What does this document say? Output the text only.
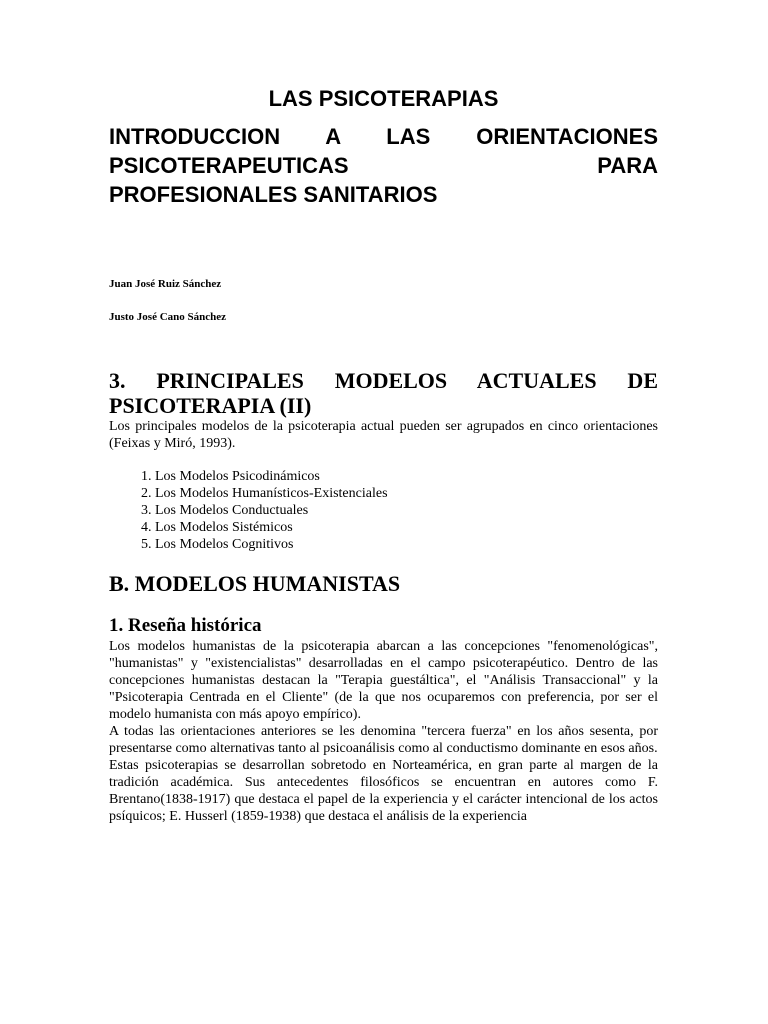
LAS PSICOTERAPIAS
INTRODUCCION A LAS ORIENTACIONES
PSICOTERAPEUTICAS PARA
PROFESIONALES SANITARIOS

Juan José Ruiz Sánchez

Justo José Cano Sánchez

3. PRINCIPALES MODELOS ACTUALES DE
PSICOTERAPIA (II)

Los principales modelos de la psicoterapia actual pueden ser agrupados en cinco orientaciones (Feixas y Miró, 1993).

1. Los Modelos Psicodinámicos
2. Los Modelos Humanísticos-Existenciales
3. Los Modelos Conductuales
4. Los Modelos Sistémicos
5. Los Modelos Cognitivos
B. MODELOS HUMANISTAS
1. Reseña histórica

Los modelos humanistas de la psicoterapia abarcan a las concepciones "fenomenológicas", "humanistas" y "existencialistas" desarrolladas en el campo psicoterapéutico. Dentro de las concepciones humanistas destacan la "Terapia guestáltica", el "Análisis Transaccional" y la "Psicoterapia Centrada en el Cliente" (de la que nos ocuparemos con preferencia, por ser el modelo humanista con más apoyo empírico).

A todas las orientaciones anteriores se les denomina "tercera fuerza" en los años sesenta, por presentarse como alternativas tanto al psicoanálisis como al conductismo dominante en esos años.

Estas psicoterapias se desarrollan sobretodo en Norteamérica, en gran parte al margen de la tradición académica. Sus antecedentes filosóficos se encuentran en autores como F. Brentano(1838-1917) que destaca el papel de la experiencia y el carácter intencional de los actos psíquicos; E. Husserl (1859-1938) que destaca el análisis de la experiencia
